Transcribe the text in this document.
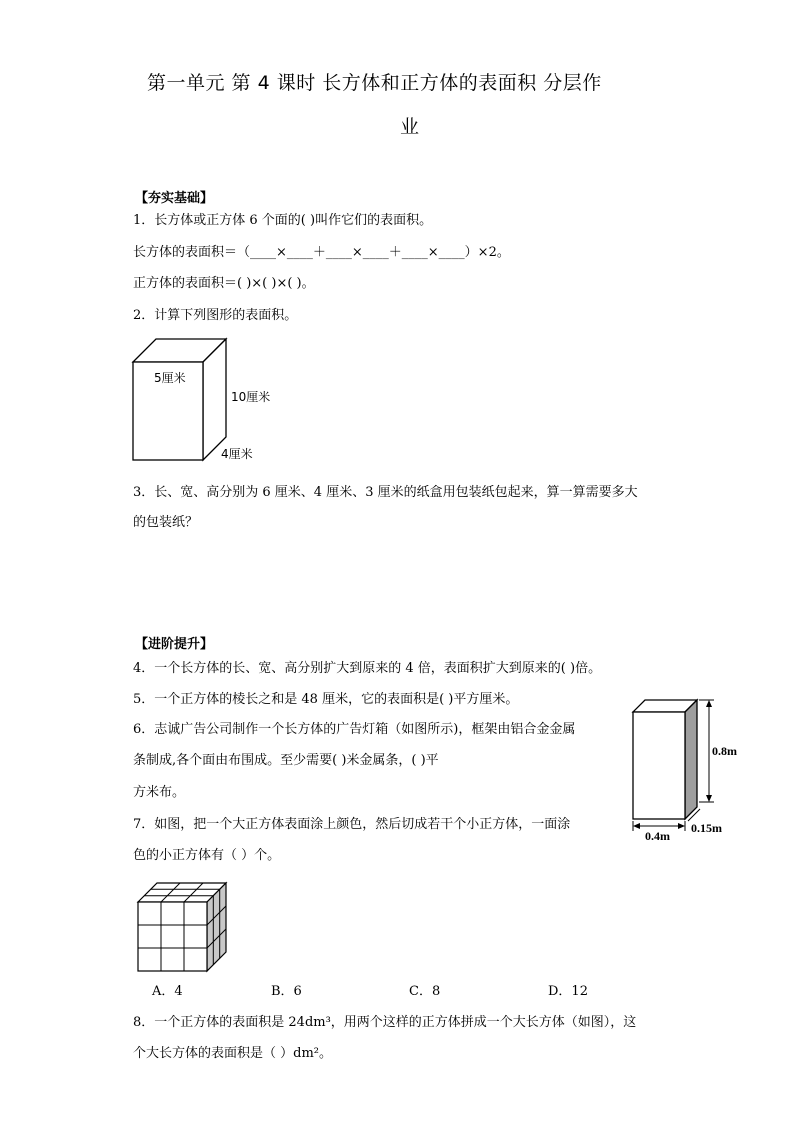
第一单元 第 4 课时 长方体和正方体的表面积 分层作
业
【夯实基础】
1．长方体或正方体 6 个面的( )叫作它们的表面积。
长方体的表面积＝（____×____＋____×____＋____×____）×2。
正方体的表面积＝( )×( )×( )。
2．计算下列图形的表面积。
5厘米
10厘米
4厘米
3．长、宽、高分别为 6 厘米、4 厘米、3 厘米的纸盒用包装纸包起来，算一算需要多大
的包装纸？
【进阶提升】
4．一个长方体的长、宽、高分别扩大到原来的 4 倍，表面积扩大到原来的( )倍。
5．一个正方体的棱长之和是 48 厘米，它的表面积是( )平方厘米。
6．志诚广告公司制作一个长方体的广告灯箱（如图所示)，框架由铝合金金属
条制成,各个面由布围成。至少需要( )米金属条，( )平
方米布。
0.8m
0.4m
0.15m
7．如图，把一个大正方体表面涂上颜色，然后切成若干个小正方体，一面涂
色的小正方体有（ ）个。
A．4	B．6	C．8	D．12
8．一个正方体的表面积是 24dm³，用两个这样的正方体拼成一个大长方体（如图），这
个大长方体的表面积是（ ）dm²。
